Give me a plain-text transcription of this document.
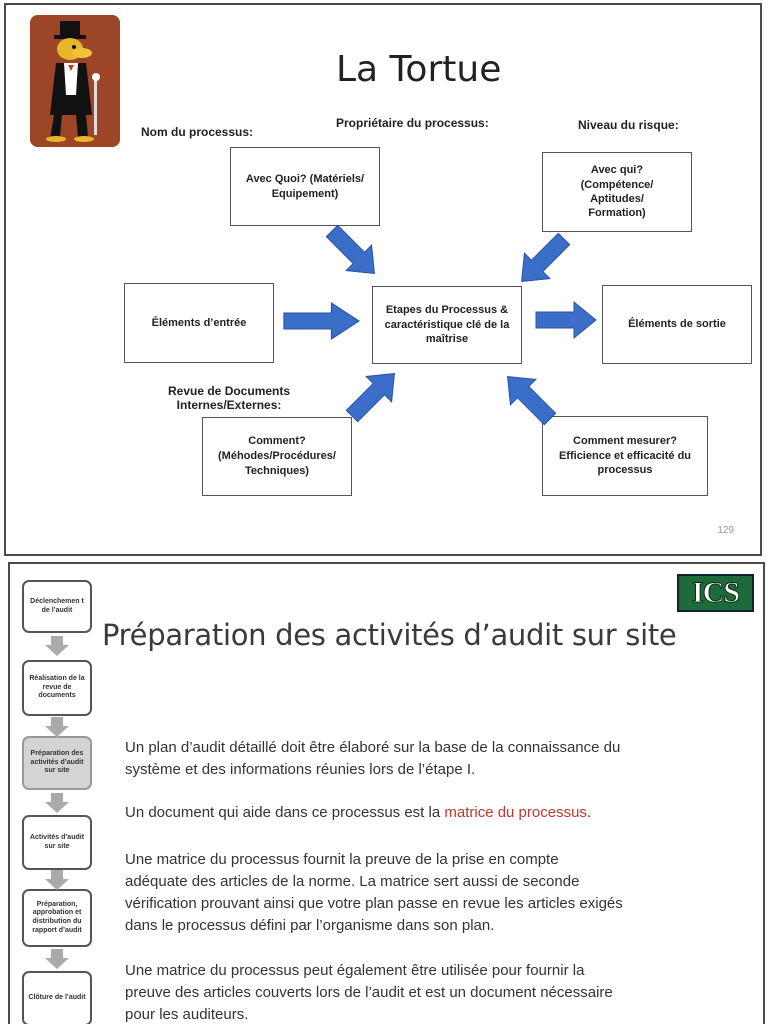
La Tortue
Nom du processus:
Propriétaire du processus:	Niveau du risque:
Avec Quoi? (Matériels/
Equipement)
Avec qui?
(Compétence/
Aptitudes/
Formation)
Éléments d’entrée
Etapes du Processus &
caractéristique clé de la
maîtrise
Éléments de sortie
Revue de Documents
Internes/Externes:
Comment?
(Méhodes/Procédures/
Techniques)
Comment mesurer?
Efficience et efficacité du
processus
129
ICS
Préparation des activités d’audit sur site
Déclenchemen t de l’audit
Réalisation de la revue de documents
Préparation des activités d’audit sur site
Activités d’audit sur site
Préparation, approbation et distribution du rapport d’audit
Clôture de l’audit
Un plan d’audit détaillé doit être élaboré sur la base de la connaissance du
système et des informations réunies lors de l’étape I.
Un document qui aide dans ce processus est la matrice du processus.
Une matrice du processus fournit la preuve de la prise en compte
adéquate des articles de la norme. La matrice sert aussi de seconde
vérification prouvant ainsi que votre plan passe en revue les articles exigés
dans le processus défini par l’organisme dans son plan.
Une matrice du processus peut également être utilisée pour fournir la
preuve des articles couverts lors de l’audit et est un document nécessaire
pour les auditeurs.
